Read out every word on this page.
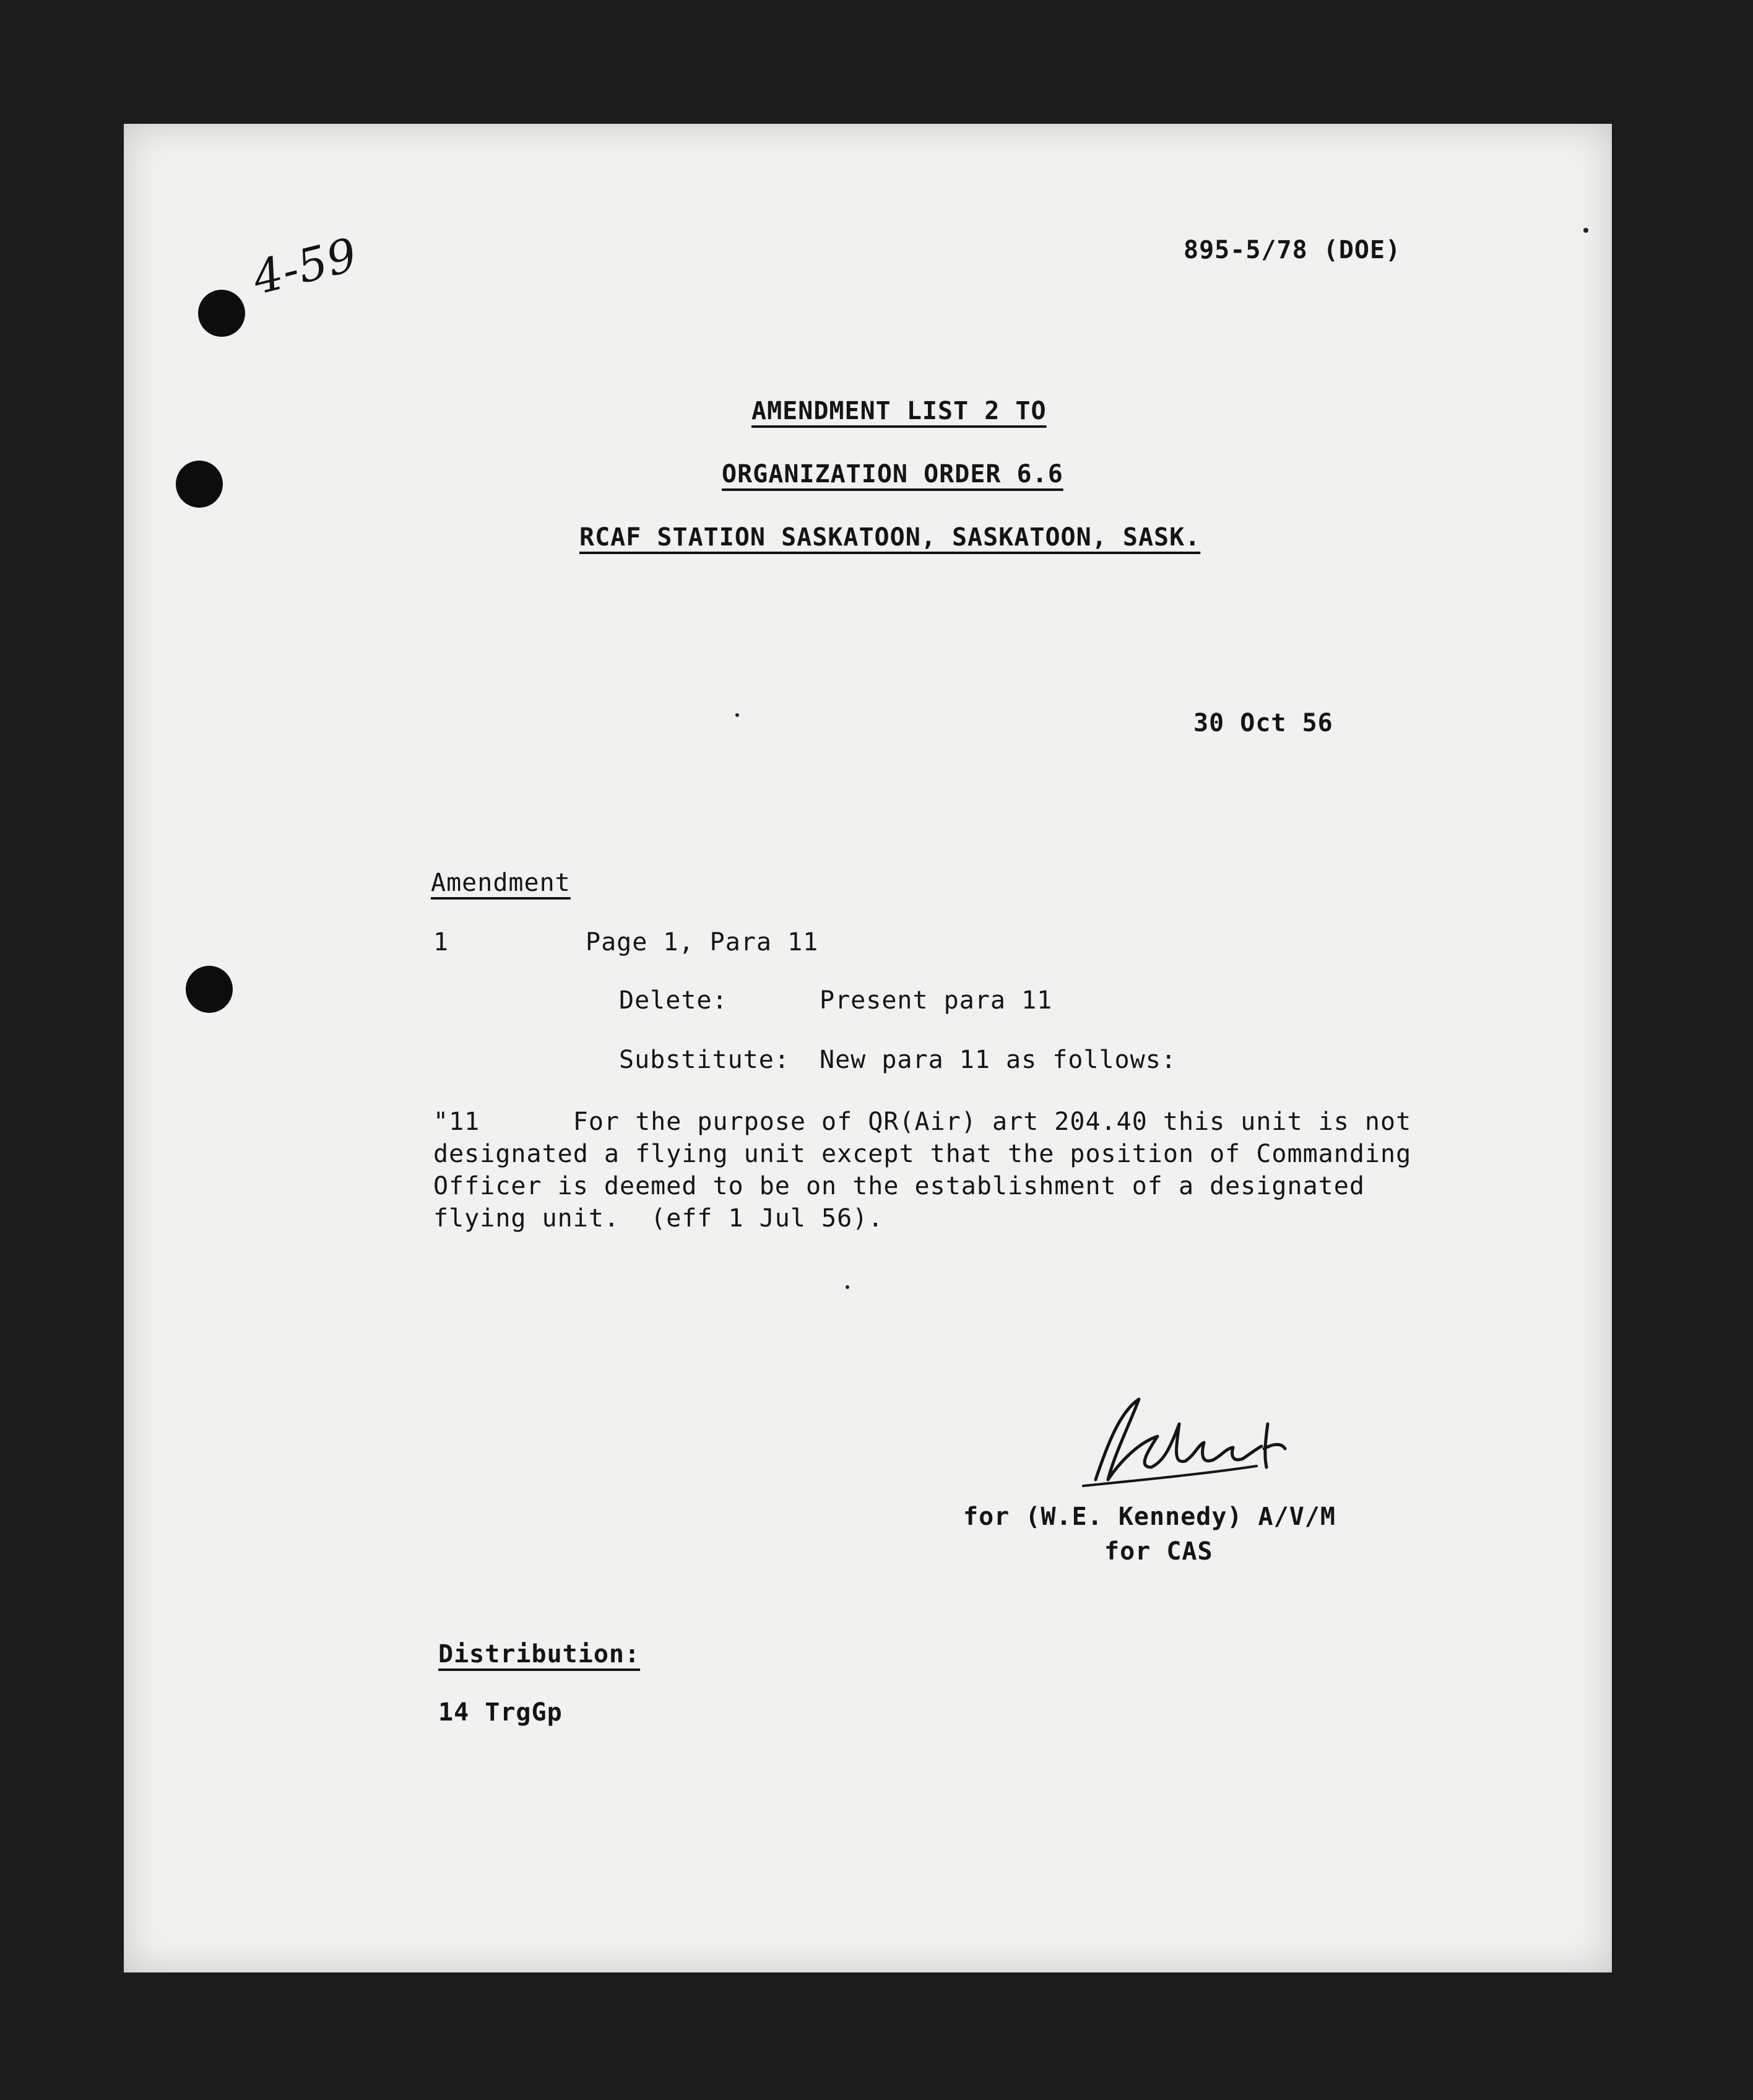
4-59	895-5/78 (DOE)
AMENDMENT LIST 2 TO
ORGANIZATION ORDER 6.6
RCAF STATION SASKATOON, SASKATOON, SASK.
30 Oct 56
Amendment
1	Page 1, Para 11
Delete:	Present para 11
Substitute: New para 11 as follows:
"11      For the purpose of QR(Air) art 204.40 this unit is not
designated a flying unit except that the position of Commanding
Officer is deemed to be on the establishment of a designated
flying unit.  (eff 1 Jul 56).
for (W.E. Kennedy) A/V/M
for CAS
Distribution:
14 TrgGp
